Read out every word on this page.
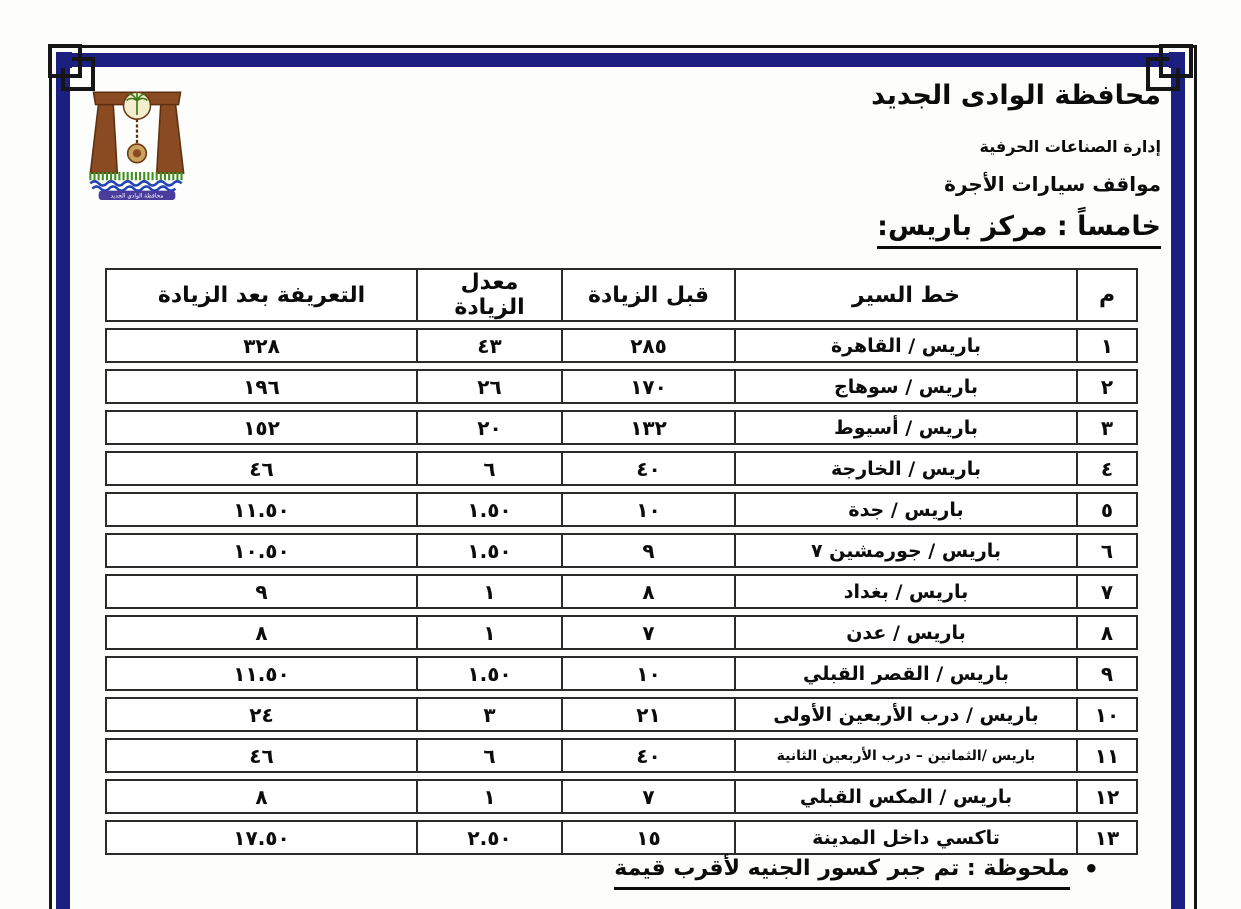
محافظة الوادي الجديد
محافظة الوادى الجديد
إدارة الصناعات الحرفية
مواقف سيارات الأجرة
خامساً : مركز باريس:
م	خط السير	قبل الزيادة	معدل الزيادة	التعريفة بعد الزيادة
١	باريس / القاهرة	٢٨٥	٤٣	٣٢٨
٢	باريس / سوهاج	١٧٠	٢٦	١٩٦
٣	باريس / أسيوط	١٣٢	٢٠	١٥٢
٤	باريس / الخارجة	٤٠	٦	٤٦
٥	باريس / جدة	١٠	١.٥٠	١١.٥٠
٦	باريس / جورمشين ٧	٩	١.٥٠	١٠.٥٠
٧	باريس / بغداد	٨	١	٩
٨	باريس / عدن	٧	١	٨
٩	باريس / القصر القبلي	١٠	١.٥٠	١١.٥٠
١٠	باريس / درب الأربعين الأولى	٢١	٣	٢٤
١١	باريس /الثمانين – درب الأربعين الثانية	٤٠	٦	٤٦
١٢	باريس / المكس القبلي	٧	١	٨
١٣	تاكسي داخل المدينة	١٥	٢.٥٠	١٧.٥٠
•ملحوظة : تم جبر كسور الجنيه لأقرب قيمة
